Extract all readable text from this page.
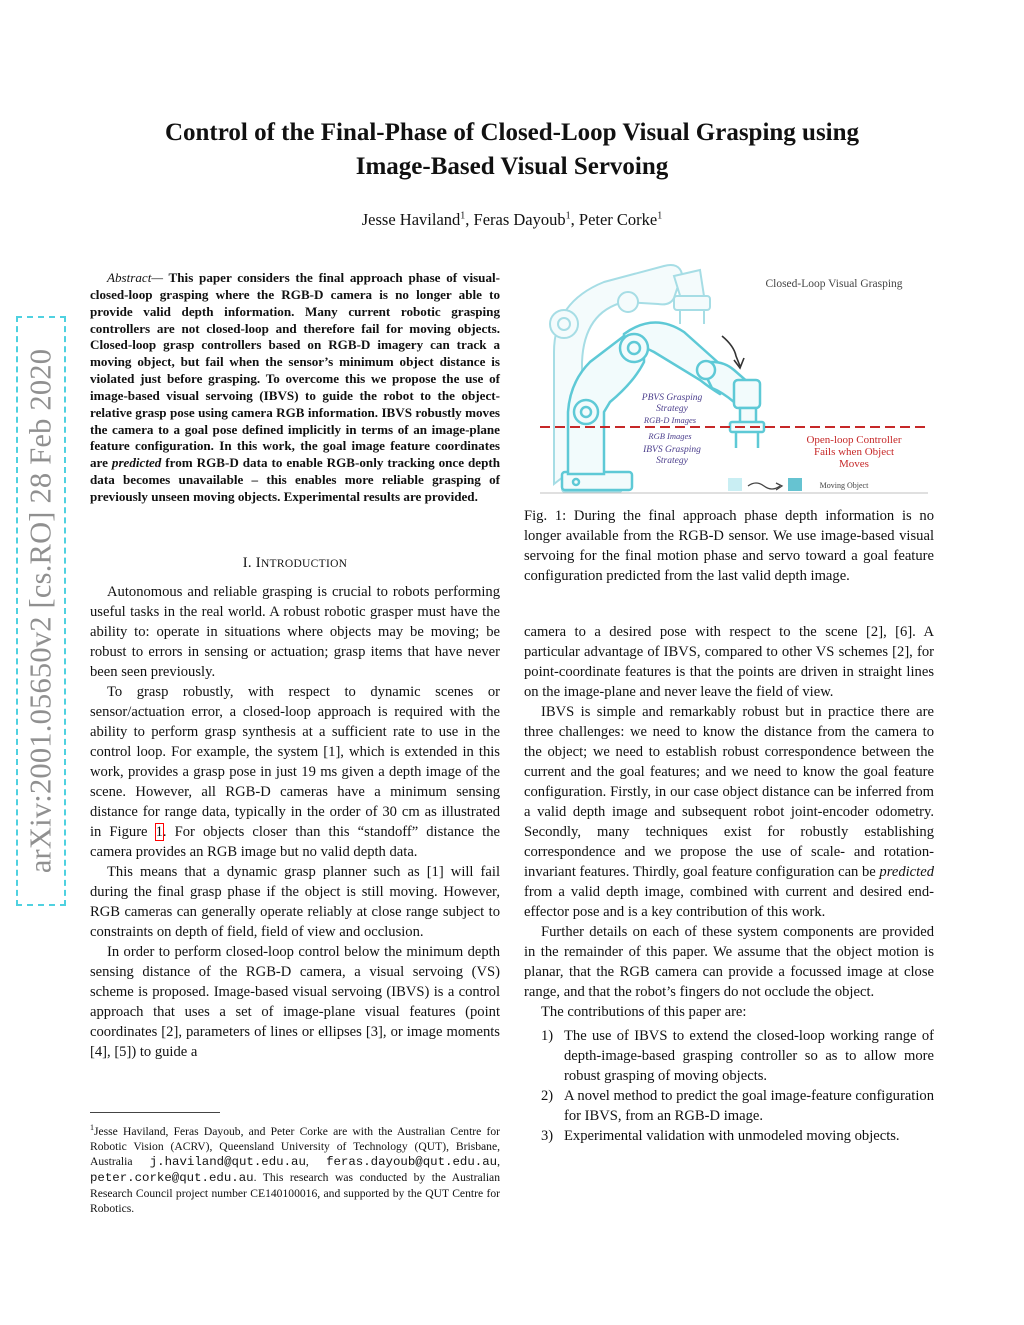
Control of the Final-Phase of Closed-Loop Visual Grasping using
Image-Based Visual Servoing
Jesse Haviland$^1$, Feras Dayoub$^1$, Peter Corke$^1$
arXiv:2001.05650v2 [cs.RO] 28 Feb 2020

Abstract— This paper considers the final approach phase of visual-closed-loop grasping where the RGB-D camera is no longer able to provide valid depth information. Many current robotic grasping controllers are not closed-loop and therefore fail for moving objects. Closed-loop grasp controllers based on RGB-D imagery can track a moving object, but fail when the sensor’s minimum object distance is violated just before grasping. To overcome this we propose the use of image-based visual servoing (IBVS) to guide the robot to the object-relative grasp pose using camera RGB information. IBVS robustly moves the camera to a goal pose defined implicitly in terms of an image-plane feature configuration. In this work, the goal image feature coordinates are predicted from RGB-D data to enable RGB-only tracking once depth data becomes unavailable – this enables more reliable grasping of previously unseen moving objects. Experimental results are provided.

I. INTRODUCTION

Autonomous and reliable grasping is crucial to robots performing useful tasks in the real world. A robust robotic grasper must have the ability to: operate in situations where objects may be moving; be robust to errors in sensing or actuation; grasp items that have never been seen previously.

To grasp robustly, with respect to dynamic scenes or sensor/actuation error, a closed-loop approach is required with the ability to perform grasp synthesis at a sufficient rate to use in the control loop. For example, the system [1], which is extended in this work, provides a grasp pose in just 19 ms given a depth image of the scene. However, all RGB-D cameras have a minimum sensing distance for range data, typically in the order of 30 cm as illustrated in Figure 1. For objects closer than this “standoff” distance the camera provides an RGB image but no valid depth data.

This means that a dynamic grasp planner such as [1] will fail during the final grasp phase if the object is still moving. However, RGB cameras can generally operate reliably at close range subject to constraints on depth of field, field of view and occlusion.

In order to perform closed-loop control below the minimum depth sensing distance of the RGB-D camera, a visual servoing (VS) scheme is proposed. Image-based visual servoing (IBVS) is a control approach that uses a set of image-plane visual features (point coordinates [2], parameters of lines or ellipses [3], or image moments [4], [5]) to guide a

$^1$Jesse Haviland, Feras Dayoub, and Peter Corke are with the Australian Centre for Robotic Vision (ACRV), Queensland University of Technology (QUT), Brisbane, Australia j.haviland@qut.edu.au, feras.dayoub@qut.edu.au, peter.corke@qut.edu.au. This research was conducted by the Australian Research Council project number CE140100016, and supported by the QUT Centre for Robotics.
Closed-Loop Visual Grasping
PBVS Grasping
Strategy
RGB-D Images
RGB Images
IBVS Grasping
Strategy
Open-loop Controller
Fails when Object
Moves
Moving Object
Fig. 1: During the final approach phase depth information is no longer available from the RGB-D sensor. We use image-based visual servoing for the final motion phase and servo toward a goal feature configuration predicted from the last valid depth image.

camera to a desired pose with respect to the scene [2], [6]. A particular advantage of IBVS, compared to other VS schemes [2], for point-coordinate features is that the points are driven in straight lines on the image-plane and never leave the field of view.

IBVS is simple and remarkably robust but in practice there are three challenges: we need to know the distance from the camera to the object; we need to establish robust correspondence between the current and the goal features; and we need to know the goal feature configuration. Firstly, in our case object distance can be inferred from a valid depth image and subsequent robot joint-encoder odometry. Secondly, many techniques exist for robustly establishing correspondence and we propose the use of scale- and rotation-invariant features. Thirdly, goal feature configuration can be predicted from a valid depth image, combined with current and desired end-effector pose and is a key contribution of this work.

Further details on each of these system components are provided in the remainder of this paper. We assume that the object motion is planar, that the RGB camera can provide a focussed image at close range, and that the robot’s fingers do not occlude the object.

The contributions of this paper are:

1) The use of IBVS to extend the closed-loop working range of depth-image-based grasping controller so as to allow more robust grasping of moving objects.
2) A novel method to predict the goal image-feature configuration for IBVS, from an RGB-D image.
3) Experimental validation with unmodeled moving objects.
